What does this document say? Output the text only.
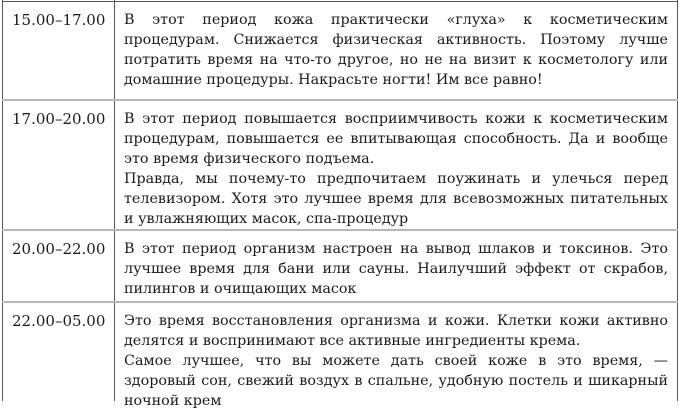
15.00–17.00 В этот период кожа практически «глуха» к косметическим процедурам. Снижается физическая активность. Поэтому лучше потратить время на что-то другое, но не на визит к косметологу или домашние процедуры. Накрасьте ногти! Им все равно!

17.00–20.00 В этот период повышается восприимчивость кожи к косметическим процедурам, повышается ее впитывающая способность. Да и вообще это время физического подъема.

Правда, мы почему-то предпочитаем поужинать и улечься перед телевизором. Хотя это лучшее время для всевозможных питательных и увлажняющих масок, спа-процедур

20.00–22.00 В этот период организм настроен на вывод шлаков и токсинов. Это лучшее время для бани или сауны. Наилучший эффект от скрабов, пилингов и очищающих масок

22.00–05.00 Это время восстановления организма и кожи. Клетки кожи активно делятся и воспринимают все активные ингредиенты крема.

Самое лучшее, что вы можете дать своей коже в это время, — здоровый сон, свежий воздух в спальне, удобную постель и шикарный ночной крем
